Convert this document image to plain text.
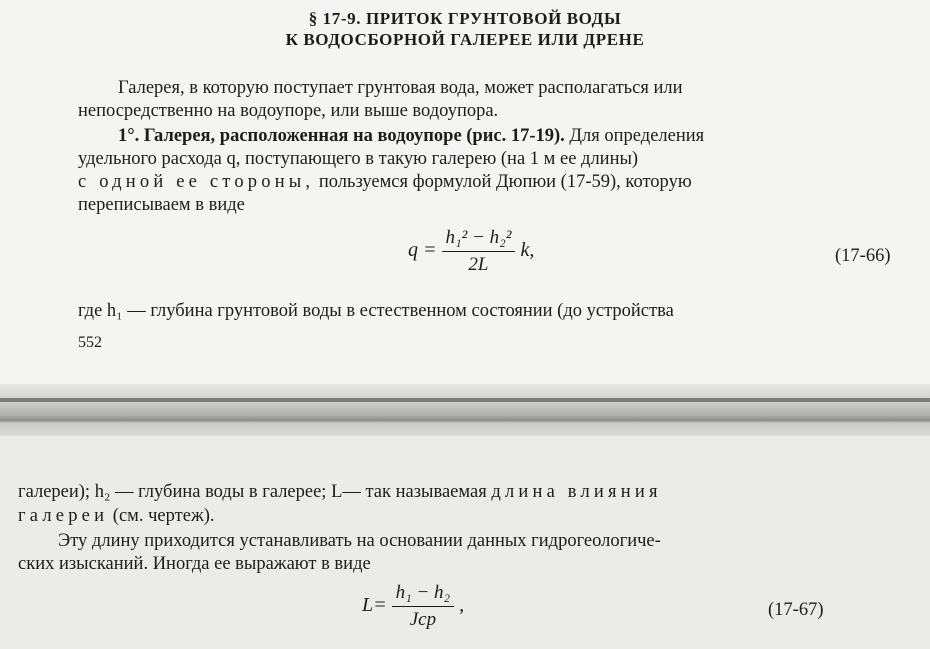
§ 17-9. ПРИТОК ГРУНТОВОЙ ВОДЫ
К ВОДОСБОРНОЙ ГАЛЕРЕЕ ИЛИ ДРЕНЕ
Галерея, в которую поступает грунтовая вода, может располагаться или
непосредственно на водоупоре, или выше водоупора.
1°. Галерея, расположенная на водоупоре (рис. 17-19). Для определения
удельного расхода q, поступающего в такую галерею (на 1 м ее длины)
с одной ее стороны, пользуемся формулой Дюпюи (17-59), которую
переписываем в виде
$q = \frac{\text{h₁² − h₂²}}{2L} k$,	(17-66)
где h₁ — глубина грунтовой воды в естественном состоянии (до устройства
552
галереи); h₂ — глубина воды в галерее; L— так называемая длина влияния
галереи (см. чертеж).
Эту длину приходится устанавливать на основании данных гидрогеологиче-
ских изысканий. Иногда ее выражают в виде
$L= \frac{\text{h₁ − h₂}}{\text{Jср}}$ ,	(17-67)
